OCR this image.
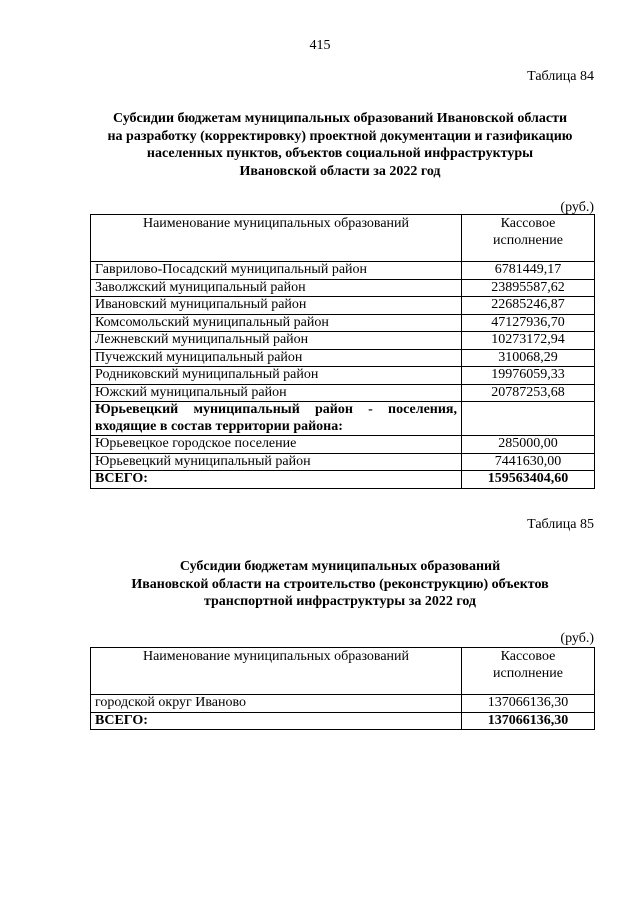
415
Таблица 84
Субсидии бюджетам муниципальных образований Ивановской области
на разработку (корректировку) проектной документации и газификацию
населенных пунктов, объектов социальной инфраструктуры
Ивановской области за 2022 год
(руб.)
Наименование муниципальных образований	Кассовое
исполнение

Гаврилово-Посадский муниципальный район	6781449,17
Заволжский муниципальный район	23895587,62
Ивановский муниципальный район	22685246,87
Комсомольский муниципальный район	47127936,70
Лежневский муниципальный район	10273172,94
Пучежский муниципальный район	310068,29
Родниковский муниципальный район	19976059,33
Южский муниципальный район	20787253,68

Юрьевецкий муниципальный район - поселения,
входящие в состав территории района:	

Юрьевецкое городское поселение	285000,00
Юрьевецкий муниципальный район	7441630,00
ВСЕГО:	159563404,60
Таблица 85
Субсидии бюджетам муниципальных образований
Ивановской области на строительство (реконструкцию) объектов
транспортной инфраструктуры за 2022 год
(руб.)
Наименование муниципальных образований	Кассовое
исполнение

городской округ Иваново	137066136,30
ВСЕГО:	137066136,30
